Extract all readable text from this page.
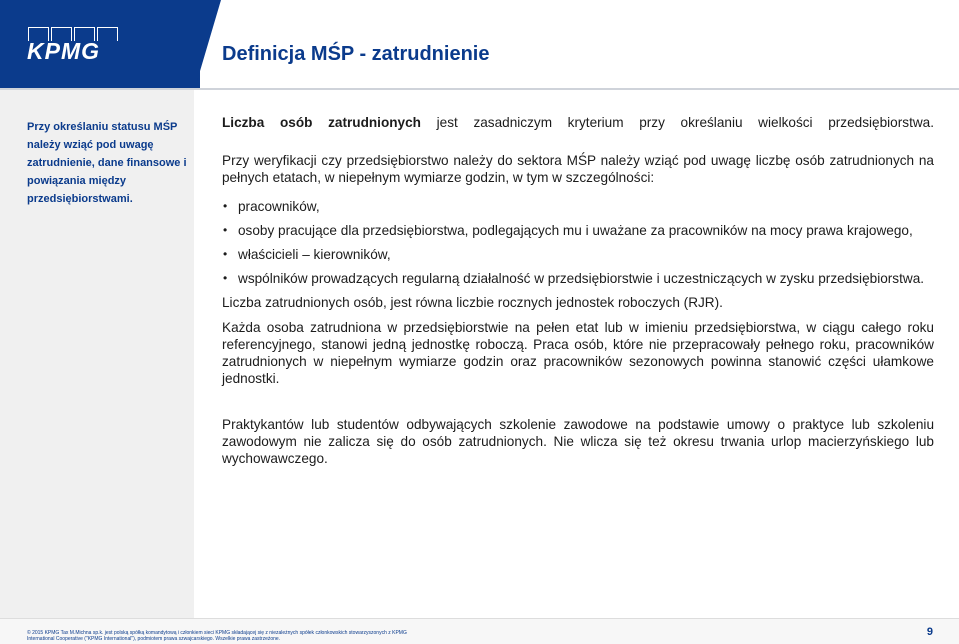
KPMG	Definicja MŚP - zatrudnienie
Przy określaniu statusu MŚP należy wziąć pod uwagę zatrudnienie, dane finansowe i powiązania między przedsiębiorstwami.

Liczba osób zatrudnionych jest zasadniczym kryterium przy określaniu wielkości przedsiębiorstwa.

Przy weryfikacji czy przedsiębiorstwo należy do sektora MŚP należy wziąć pod uwagę liczbę osób zatrudnionych na pełnych etatach, w niepełnym wymiarze godzin, w tym w szczególności:

• pracowników,
• osoby pracujące dla przedsiębiorstwa, podlegających mu i uważane za pracowników na mocy prawa krajowego,
• właścicieli – kierowników,
• wspólników prowadzących regularną działalność w przedsiębiorstwie i uczestniczących w zysku przedsiębiorstwa.

Liczba zatrudnionych osób, jest równa liczbie rocznych jednostek roboczych (RJR).

Każda osoba zatrudniona w przedsiębiorstwie na pełen etat lub w imieniu przedsiębiorstwa, w ciągu całego roku referencyjnego, stanowi jedną jednostkę roboczą. Praca osób, które nie przepracowały pełnego roku, pracowników zatrudnionych w niepełnym wymiarze godzin oraz pracowników sezonowych powinna stanowić części ułamkowe jednostki.

Praktykantów lub studentów odbywających szkolenie zawodowe na podstawie umowy o praktyce lub szkoleniu zawodowym nie zalicza się do osób zatrudnionych. Nie wlicza się też okresu trwania urlop macierzyńskiego lub wychowawczego.

© 2015 KPMG Tax M.Michna sp.k. jest polską spółką komandytową i członkiem sieci KPMG składającej się z niezależnych spółek członkowskich stowarzyszonych z KPMG
International Cooperative ("KPMG International"), podmiotem prawa szwajcarskiego. Wszelkie prawa zastrzeżone.
9
